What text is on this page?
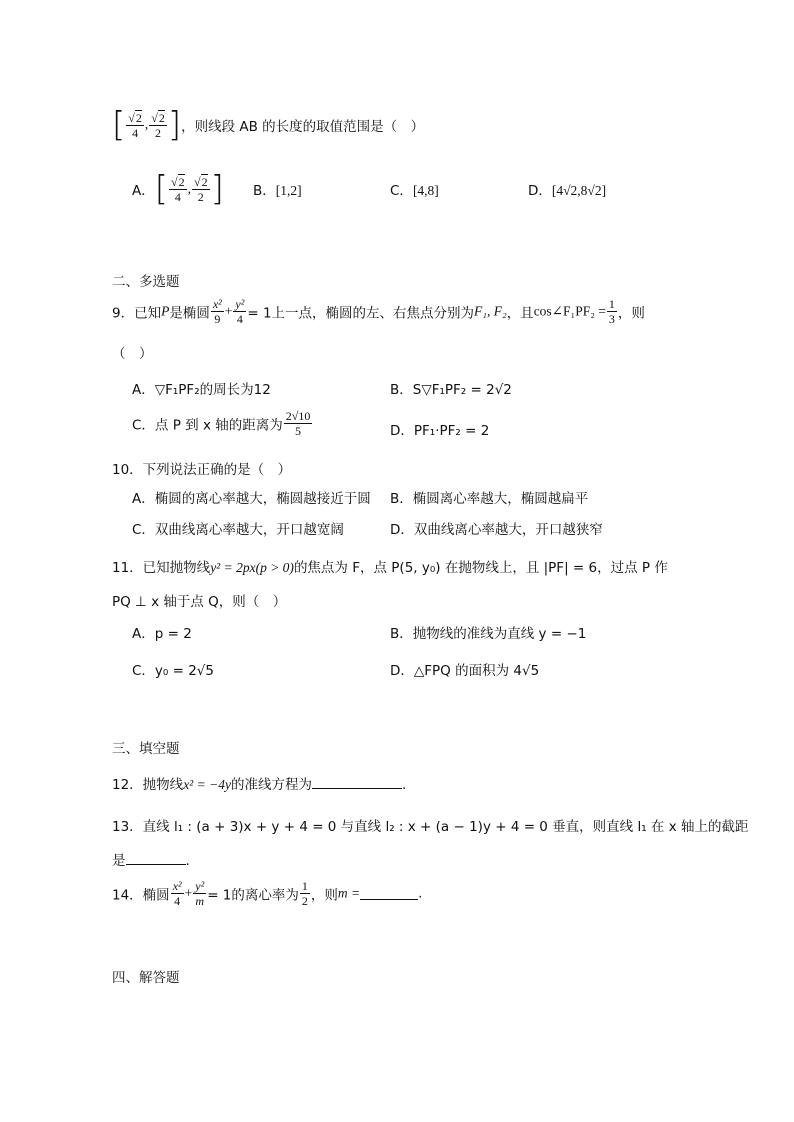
[ $\frac{√2}{4}$ , $\frac{√2}{2}$ ]，则线段 AB 的长度的取值范围是（　）
A．[ $\frac{√2}{4}$ , $\frac{√2}{2}$ ] B．[1,2]	C．[4,8]	D．[4√2,8√2]
二、多选题
9．已知P是椭圆 $\frac{\text{x²}}{9} + \frac{\text{y²}}{4} = 1$上一点，椭圆的左、右焦点分别为F₁, F₂，且cos∠F₁PF₂ = $\frac{1}{3}$ ，则
（　）
A．▽F₁PF₂的周长为12	B．S▽F₁PF₂ = 2√2
C．点 P 到 x 轴的距离为 $\frac{2√10}{5}$	D．PF₁·PF₂ = 2
10．下列说法正确的是（　）
A．椭圆的离心率越大，椭圆越接近于圆 B．椭圆离心率越大，椭圆越扁平
C．双曲线离心率越大，开口越宽阔	D．双曲线离心率越大，开口越狭窄
11．已知抛物线y² = 2px(p > 0)的焦点为 F，点 P(5, y₀) 在抛物线上，且 |PF| = 6，过点 P 作
PQ ⊥ x 轴于点 Q，则（　）
A．p = 2	B．抛物线的准线为直线 y = −1
C．y₀ = 2√5	D．△FPQ 的面积为 4√5
三、填空题
12．抛物线x² = −4y的准线方程为	.
13．直线 l₁ : (a + 3)x + y + 4 = 0 与直线 l₂ : x + (a − 1)y + 4 = 0 垂直，则直线 l₁ 在 x 轴上的截距
是	.
14．椭圆 $\frac{\text{x²}}{4} + \frac{\text{y²}}{m} = 1$的离心率为 $\frac{1}{2}$ ，则m =	.
四、解答题
